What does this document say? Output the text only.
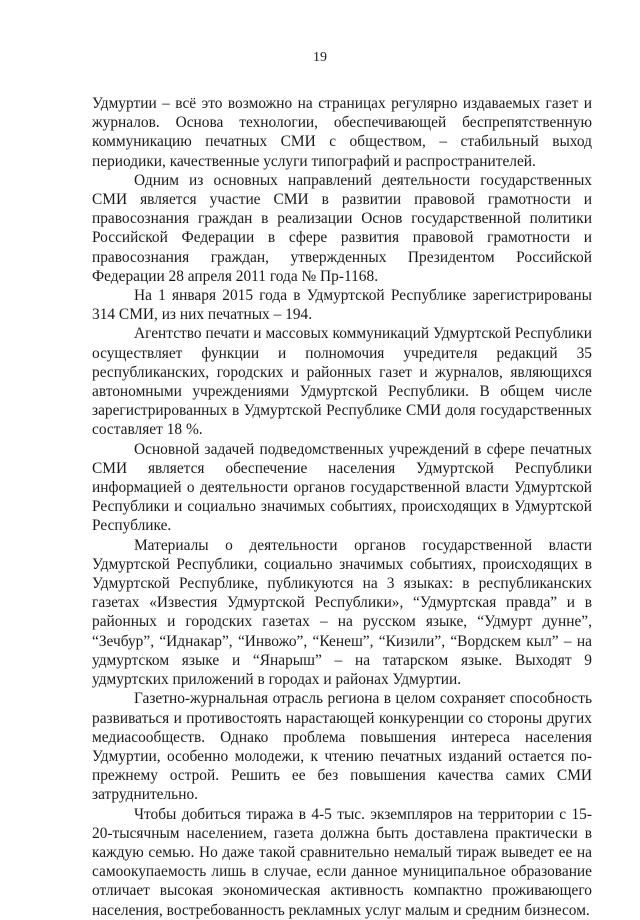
19

Удмуртии – всё это возможно на страницах регулярно издаваемых газет и журналов. Основа технологии, обеспечивающей беспрепятственную коммуникацию печатных СМИ с обществом, – стабильный выход периодики, качественные услуги типографий и распространителей.

Одним из основных направлений деятельности государственных СМИ является участие СМИ в развитии правовой грамотности и правосознания граждан в реализации Основ государственной политики Российской Федерации в сфере развития правовой грамотности и правосознания граждан, утвержденных Президентом Российской Федерации 28 апреля 2011 года № Пр-1168.

На 1 января 2015 года в Удмуртской Республике зарегистрированы 314 СМИ, из них печатных – 194.

Агентство печати и массовых коммуникаций Удмуртской Республики осуществляет функции и полномочия учредителя редакций 35 республиканских, городских и районных газет и журналов, являющихся автономными учреждениями Удмуртской Республики. В общем числе зарегистрированных в Удмуртской Республике СМИ доля государственных составляет 18 %.

Основной задачей подведомственных учреждений в сфере печатных СМИ является обеспечение населения Удмуртской Республики информацией о деятельности органов государственной власти Удмуртской Республики и социально значимых событиях, происходящих в Удмуртской Республике.

Материалы о деятельности органов государственной власти Удмуртской Республики, социально значимых событиях, происходящих в Удмуртской Республике, публикуются на 3 языках: в республиканских газетах «Известия Удмуртской Республики», “Удмуртская правда” и в районных и городских газетах – на русском языке, “Удмурт дунне”, “Зечбур”, “Иднакар”, “Инвожо”, “Кенеш”, “Кизили”, “Вордскем кыл” – на удмуртском языке и “Янарыш” – на татарском языке. Выходят 9 удмуртских приложений в городах и районах Удмуртии.

Газетно-журнальная отрасль региона в целом сохраняет способность развиваться и противостоять нарастающей конкуренции со стороны других медиасообществ. Однако проблема повышения интереса населения Удмуртии, особенно молодежи, к чтению печатных изданий остается по-прежнему острой. Решить ее без повышения качества самих СМИ затруднительно.

Чтобы добиться тиража в 4-5 тыс. экземпляров на территории с 15-20-тысячным населением, газета должна быть доставлена практически в каждую семью. Но даже такой сравнительно немалый тираж выведет ее на самоокупаемость лишь в случае, если данное муниципальное образование отличает высокая экономическая активность компактно проживающего населения, востребованность рекламных услуг малым и средним бизнесом.
